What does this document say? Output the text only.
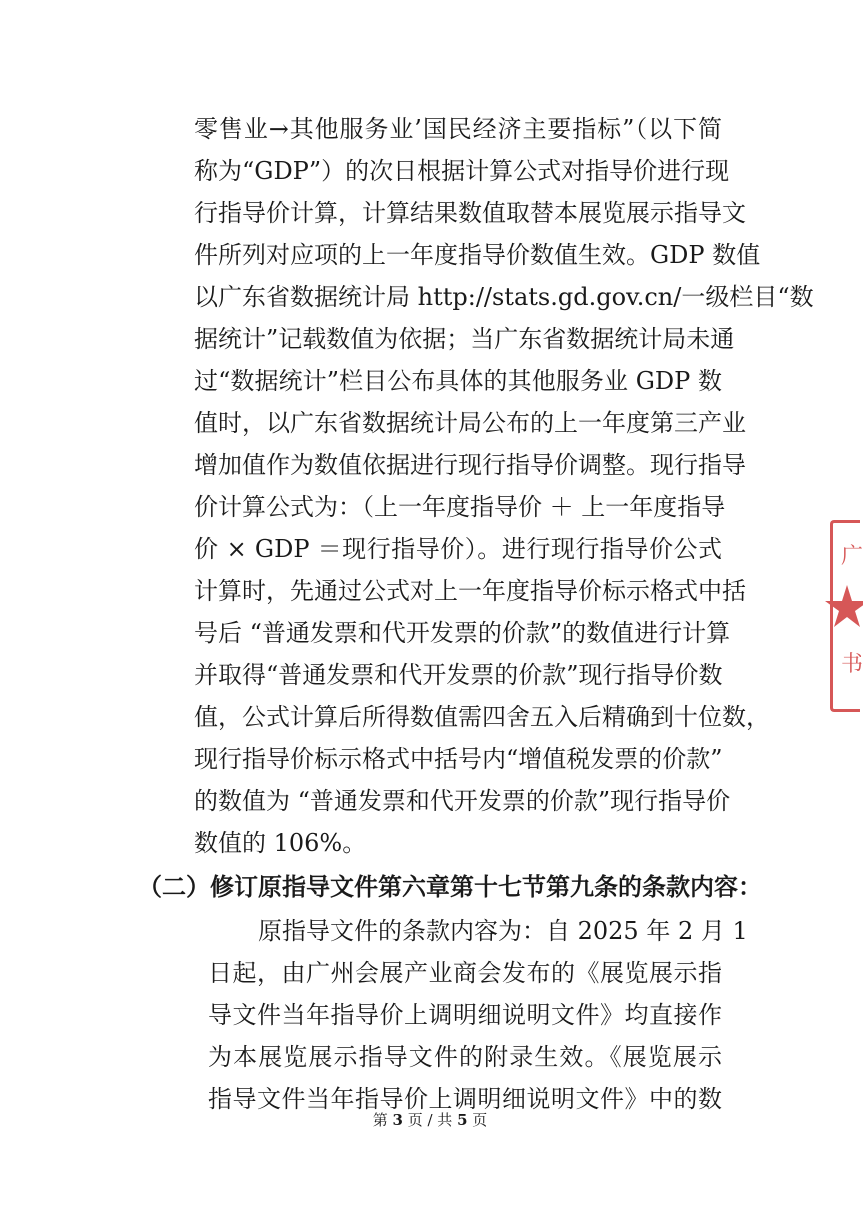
零售业→其他服务业’国民经济主要指标”（以下简
称为“GDP”）的次日根据计算公式对指导价进行现
行指导价计算，计算结果数值取替本展览展示指导文
件所列对应项的上一年度指导价数值生效。GDP 数值
以广东省数据统计局 http://stats.gd.gov.cn/一级栏目“数
据统计”记载数值为依据；当广东省数据统计局未通
过“数据统计”栏目公布具体的其他服务业 GDP 数
值时，以广东省数据统计局公布的上一年度第三产业
增加值作为数值依据进行现行指导价调整。现行指导
价计算公式为：（上一年度指导价 ＋ 上一年度指导
价 × GDP ＝现行指导价）。进行现行指导价公式
计算时，先通过公式对上一年度指导价标示格式中括
号后 “普通发票和代开发票的价款”的数值进行计算
并取得“普通发票和代开发票的价款”现行指导价数
值，公式计算后所得数值需四舍五入后精确到十位数，
现行指导价标示格式中括号内“增值税发票的价款”
的数值为 “普通发票和代开发票的价款”现行指导价
数值的 106%。
（二）修订原指导文件第六章第十七节第九条的条款内容：
原指导文件的条款内容为：自 2025 年 2 月 1
日起，由广州会展产业商会发布的《展览展示指
导文件当年指导价上调明细说明文件》均直接作
为本展览展示指导文件的附录生效。《展览展示
指导文件当年指导价上调明细说明文件》中的数
第 3 页 / 共 5 页
广
书
